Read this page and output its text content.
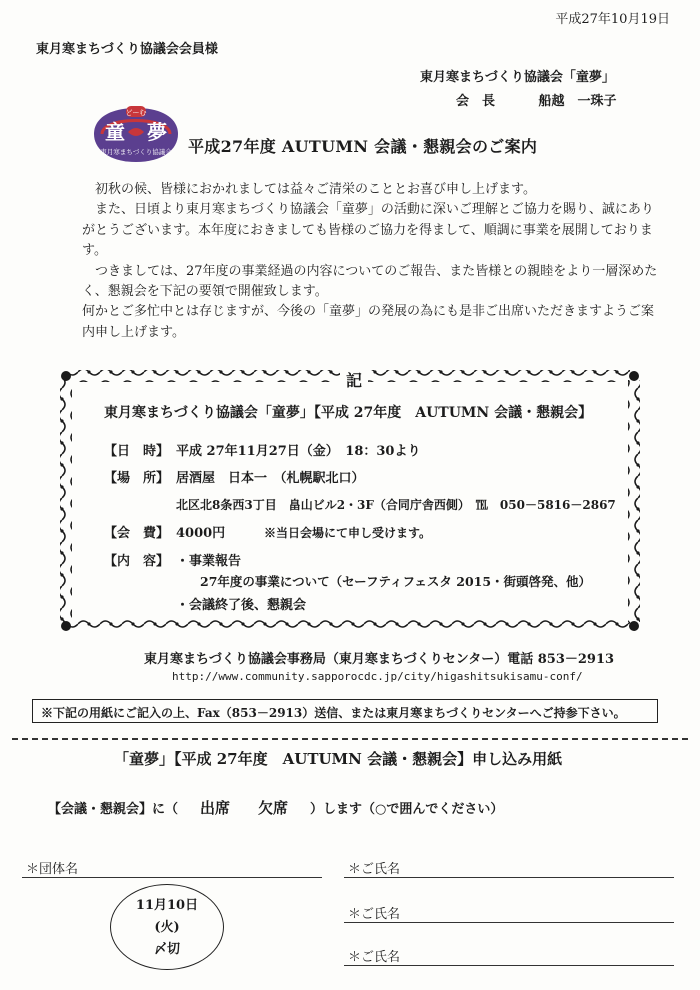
平成27年10月19日
東月寒まちづくり協議会会員様
東月寒まちづくり協議会「童夢」
会　長	船越　一珠子
どーむ
童 夢
東月寒まちづくり協議会 平成27年度 AUTUMN 会議・懇親会のご案内

初秋の候、皆様におかれましては益々ご清栄のこととお喜び申し上げます。

また、日頃より東月寒まちづくり協議会「童夢」の活動に深いご理解とご協力を賜り、誠にありがとうございます。本年度におきましても皆様のご協力を得まして、順調に事業を展開しております。

つきましては、27年度の事業経過の内容についてのご報告、また皆様との親睦をより一層深めたく、懇親会を下記の要領で開催致します。

何かとご多忙中とは存じますが、今後の「童夢」の発展の為にも是非ご出席いただきますようご案内申し上げます。

記
東月寒まちづくり協議会「童夢」【平成 27年度　AUTUMN 会議・懇親会】
【日　時】 平成 27年11月27日（金）　18：30より
【場　所】 居酒屋　日本一　（札幌駅北口）
北区北8条西3丁目　畠山ビル2・3F（合同庁舎西側）　℡　050－5816－2867
【会　費】 4000円	※当日会場にて申し受けます。
【内　容】 ・事業報告
27年度の事業について（セーフティフェスタ 2015・街頭啓発、他）
・会議終了後、懇親会
東月寒まちづくり協議会事務局（東月寒まちづくりセンター）電話 853－2913
http://www.community.sapporocdc.jp/city/higashitsukisamu-conf/
※下記の用紙にご記入の上、Fax（853－2913）送信、または東月寒まちづくりセンターへご持参下さい。
「童夢」【平成 27年度　AUTUMN 会議・懇親会】申し込み用紙
【会議・懇親会】に（ 出席 欠席 ）します（○で囲んでください）
＊団体名	＊ご氏名
＊ご氏名
＊ご氏名
11月10日
(火)
〆切
